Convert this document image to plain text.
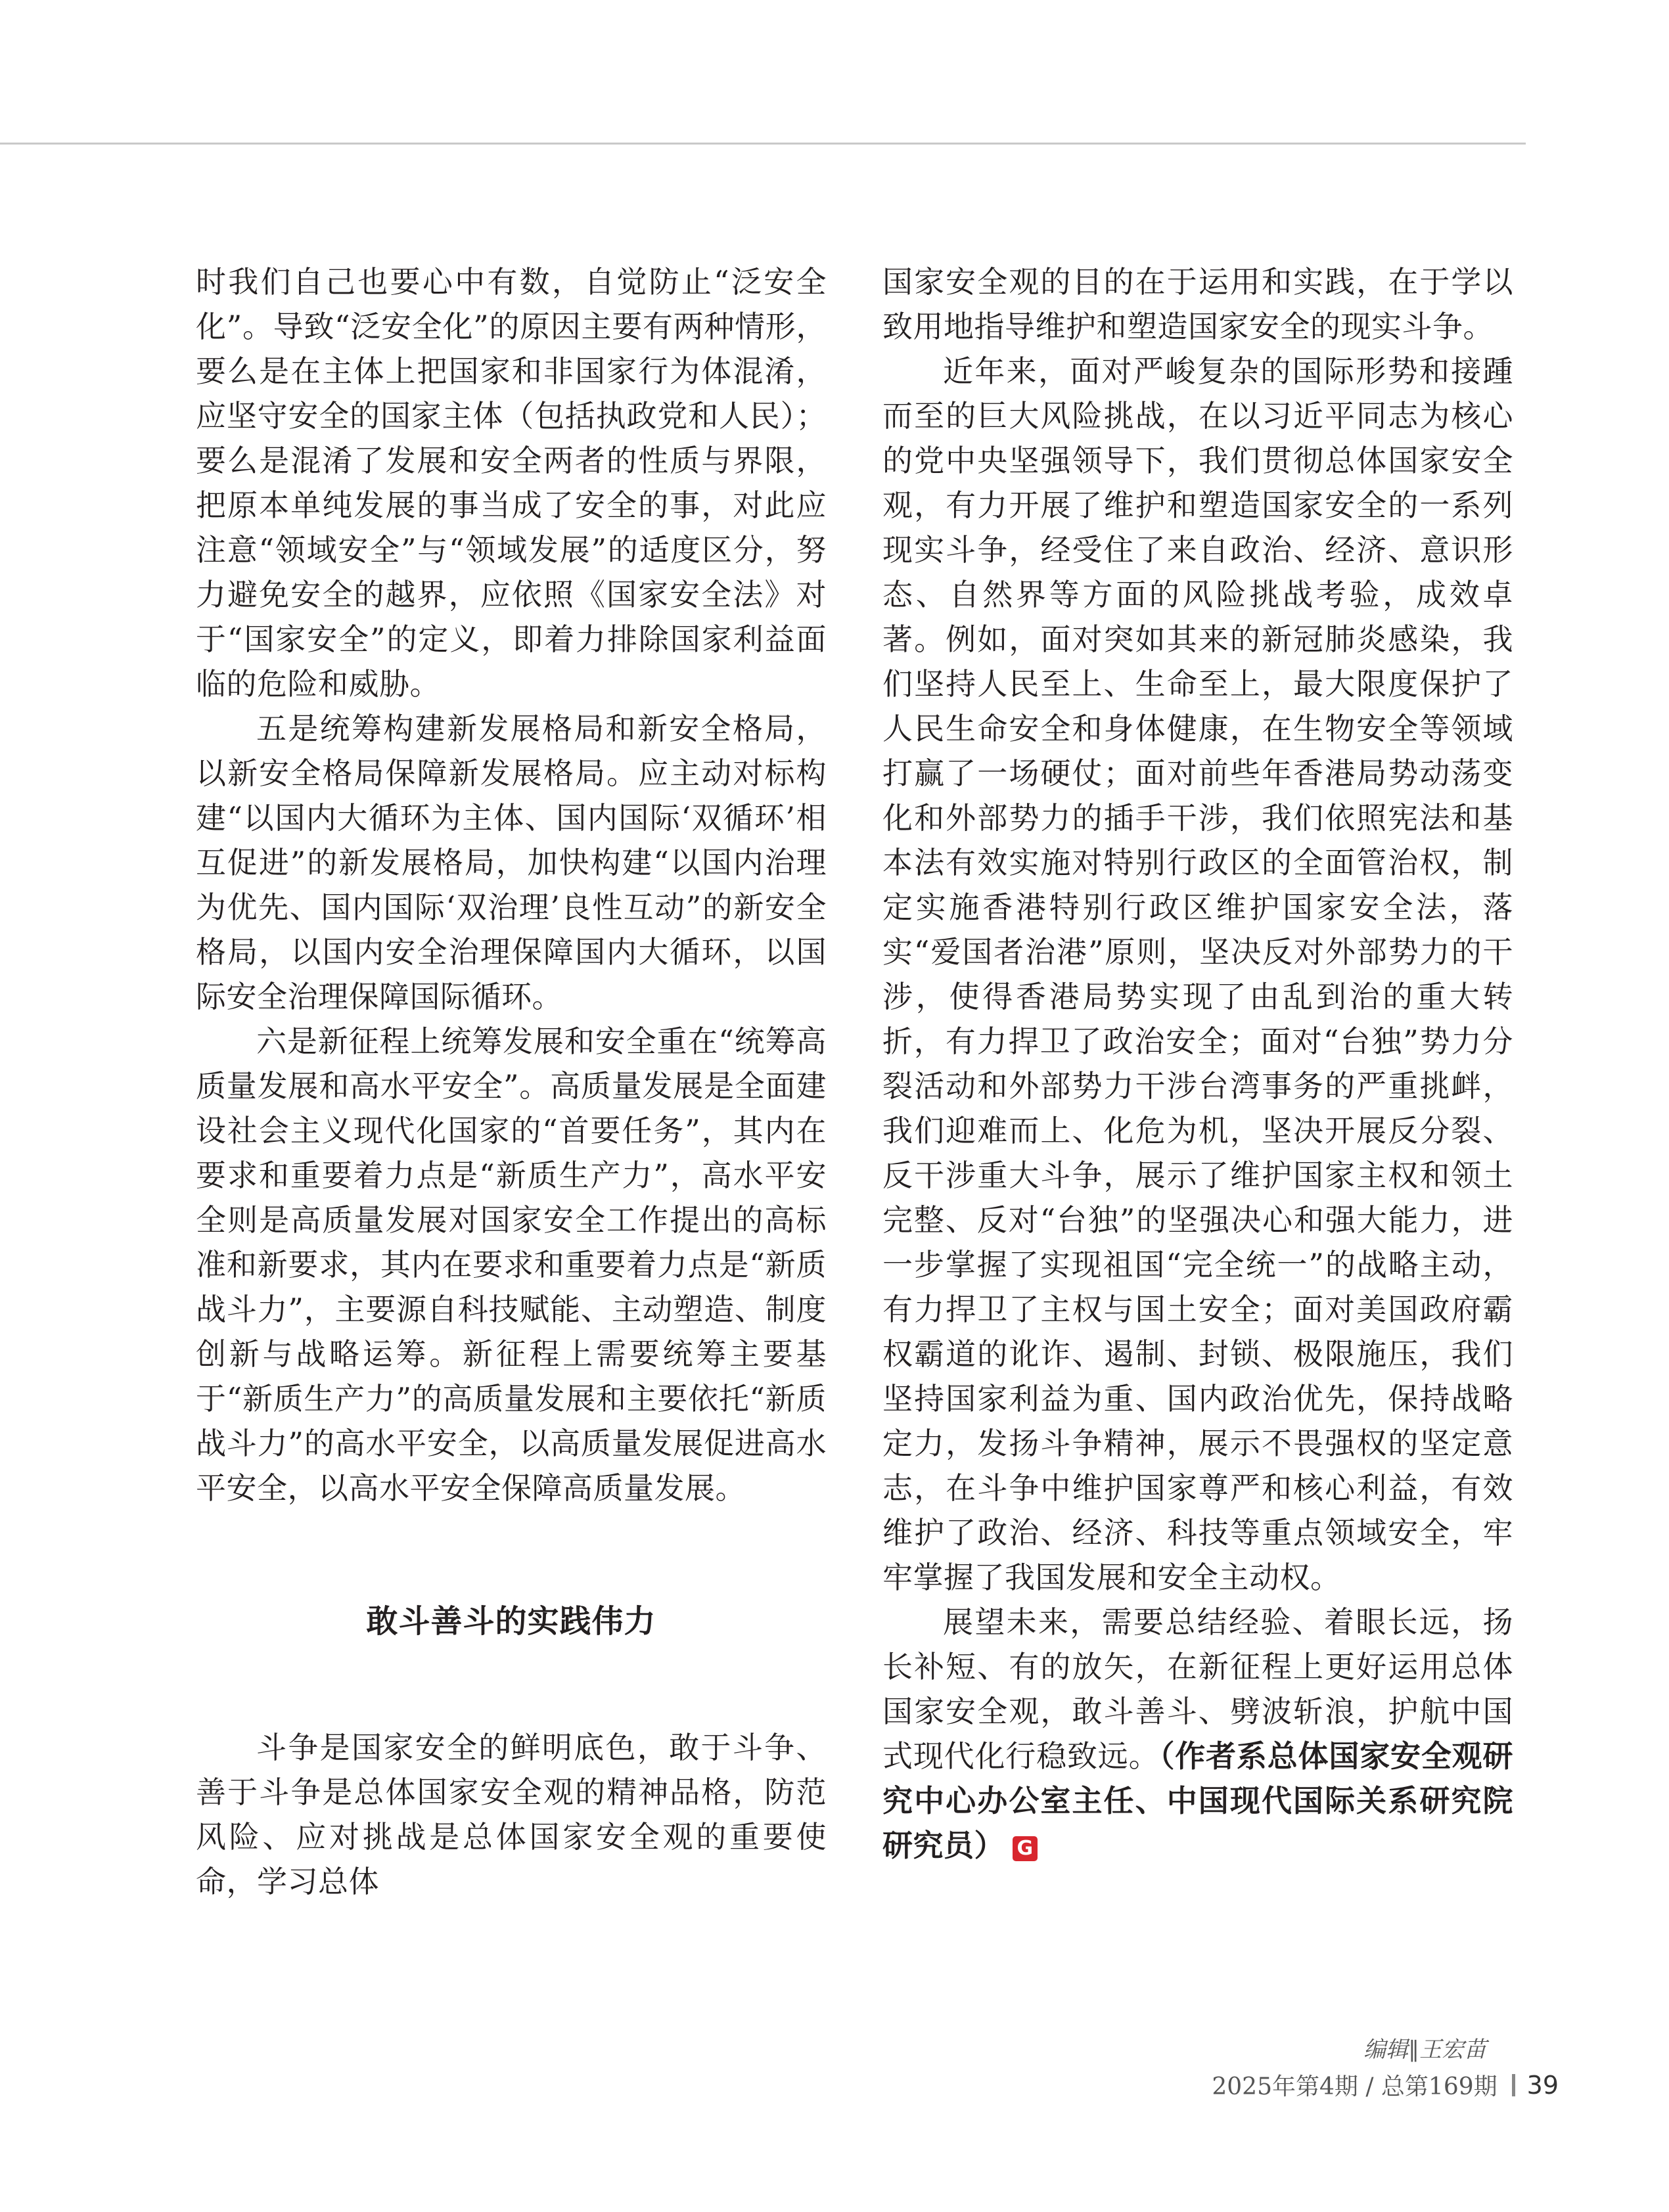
时我们自己也要心中有数，自觉防止“泛安全化”。导致“泛安全化”的原因主要有两种情形，要么是在主体上把国家和非国家行为体混淆，应坚守安全的国家主体（包括执政党和人民）；要么是混淆了发展和安全两者的性质与界限，把原本单纯发展的事当成了安全的事，对此应注意“领域安全”与“领域发展”的适度区分，努力避免安全的越界，应依照《国家安全法》对于“国家安全”的定义，即着力排除国家利益面临的危险和威胁。

五是统筹构建新发展格局和新安全格局，以新安全格局保障新发展格局。应主动对标构建“以国内大循环为主体、国内国际‘双循环’相互促进”的新发展格局，加快构建“以国内治理为优先、国内国际‘双治理’良性互动”的新安全格局，以国内安全治理保障国内大循环，以国际安全治理保障国际循环。

六是新征程上统筹发展和安全重在“统筹高质量发展和高水平安全”。高质量发展是全面建设社会主义现代化国家的“首要任务”，其内在要求和重要着力点是“新质生产力”，高水平安全则是高质量发展对国家安全工作提出的高标准和新要求，其内在要求和重要着力点是“新质战斗力”，主要源自科技赋能、主动塑造、制度创新与战略运筹。新征程上需要统筹主要基于“新质生产力”的高质量发展和主要依托“新质战斗力”的高水平安全，以高质量发展促进高水平安全，以高水平安全保障高质量发展。

敢斗善斗的实践伟力

斗争是国家安全的鲜明底色，敢于斗争、善于斗争是总体国家安全观的精神品格，防范风险、应对挑战是总体国家安全观的重要使命，学习总体

国家安全观的目的在于运用和实践，在于学以致用地指导维护和塑造国家安全的现实斗争。

近年来，面对严峻复杂的国际形势和接踵而至的巨大风险挑战，在以习近平同志为核心的党中央坚强领导下，我们贯彻总体国家安全观，有力开展了维护和塑造国家安全的一系列现实斗争，经受住了来自政治、经济、意识形态、自然界等方面的风险挑战考验，成效卓著。例如，面对突如其来的新冠肺炎感染，我们坚持人民至上、生命至上，最大限度保护了人民生命安全和身体健康，在生物安全等领域打赢了一场硬仗；面对前些年香港局势动荡变化和外部势力的插手干涉，我们依照宪法和基本法有效实施对特别行政区的全面管治权，制定实施香港特别行政区维护国家安全法，落实“爱国者治港”原则，坚决反对外部势力的干涉，使得香港局势实现了由乱到治的重大转折，有力捍卫了政治安全；面对“台独”势力分裂活动和外部势力干涉台湾事务的严重挑衅，我们迎难而上、化危为机，坚决开展反分裂、反干涉重大斗争，展示了维护国家主权和领土完整、反对“台独”的坚强决心和强大能力，进一步掌握了实现祖国“完全统一”的战略主动，有力捍卫了主权与国土安全；面对美国政府霸权霸道的讹诈、遏制、封锁、极限施压，我们坚持国家利益为重、国内政治优先，保持战略定力，发扬斗争精神，展示不畏强权的坚定意志，在斗争中维护国家尊严和核心利益，有效维护了政治、经济、科技等重点领域安全，牢牢掌握了我国发展和安全主动权。

展望未来，需要总结经验、着眼长远，扬长补短、有的放矢，在新征程上更好运用总体国家安全观，敢斗善斗、劈波斩浪，护航中国式现代化行稳致远。（作者系总体国家安全观研究中心办公室主任、中国现代国际关系研究院研究员） G

编辑∥王宏苗
2025年第4期 / 总第169期 39
